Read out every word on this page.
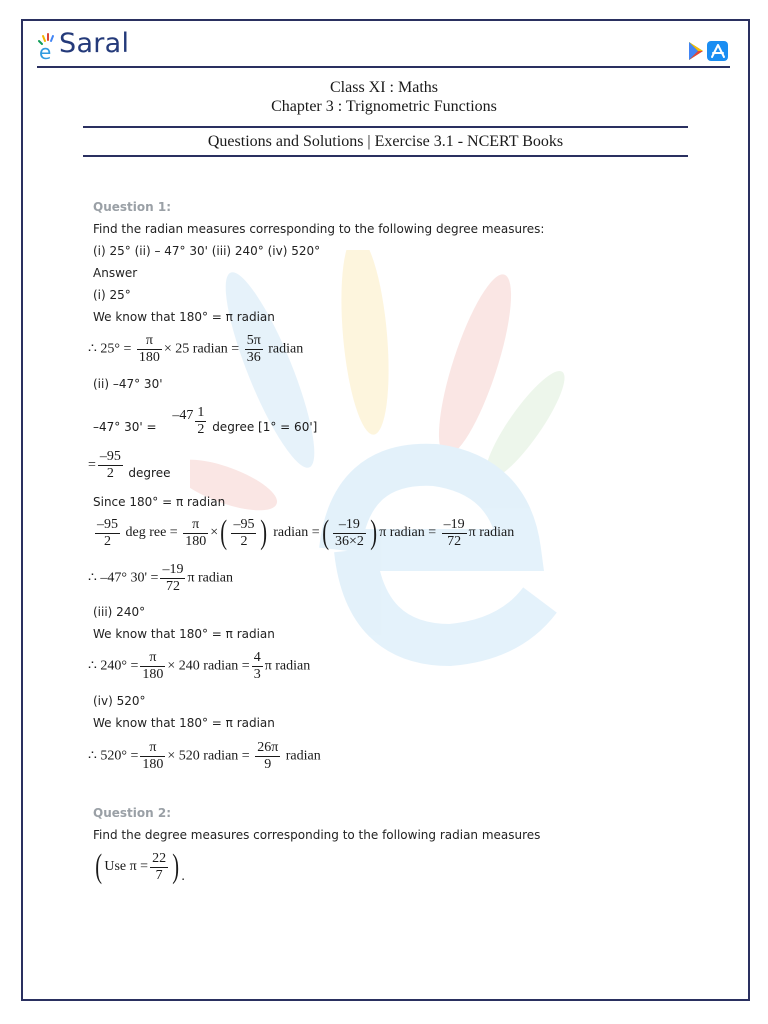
e Saral
Class XI : Maths
Chapter 3 : Trignometric Functions
Questions and Solutions | Exercise 3.1 - NCERT Books
Question 1:
Find the radian measures corresponding to the following degree measures:
(i) 25° (ii) – 47° 30' (iii) 240° (iv) 520°
Answer
(i) 25°
We know that 180° = π radian
∴ $25^\circ = \frac{\pi}{180} \times 25$ radian = $\frac{5\pi}{36}$ radian
(ii) –47° 30'
–47° $30' = -47 \frac{1}{2}$ degree [1° = 60']
= $\frac{-95}{2}$ degree
Since 180° = π radian
$\frac{-95}{2}$ deg ree = $\frac{\pi}{180}$ ×( $\frac{-95}{2}$ ) radian =( $\frac{-19}{36\times 2}$ ) π radian = $\frac{-19}{72}$ π radian
∴ –47° $30' = \frac{-19}{72}$ π radian
(iii) 240°
We know that 180° = π radian
∴ $240^\circ = \frac{\pi}{180} \times 240$ radian = $\frac{4}{3}$ π radian
(iv) 520°
We know that 180° = π radian
∴ $520^\circ = \frac{\pi}{180} \times 520$ radian = $\frac{26\pi}{9}$ radian
Question 2:
Find the degree measures corresponding to the following radian measures
( Use $\pi = \frac{22}{7}$ ) .
